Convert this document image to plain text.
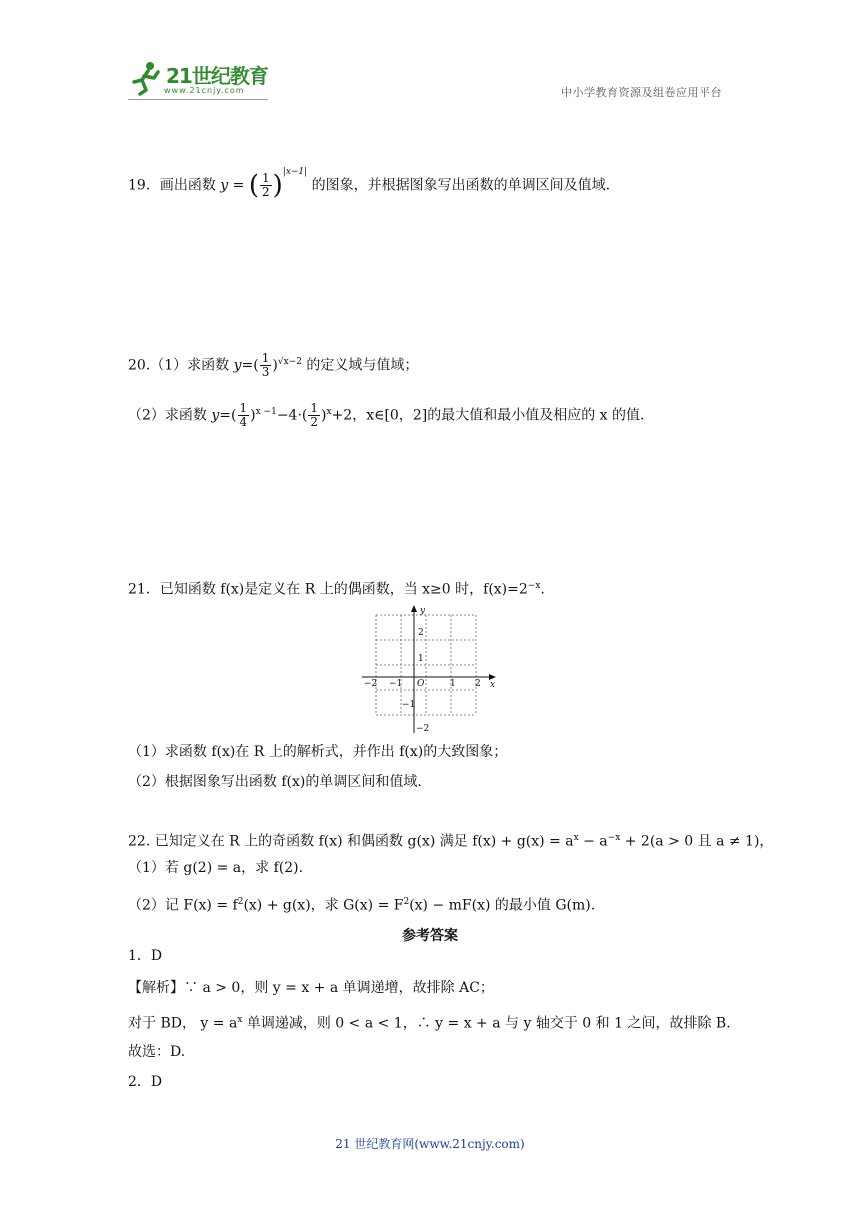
21世纪教育
www.21cnjy.com	中小学教育资源及组卷应用平台
19．画出函数 y = ( $\frac{1}{2} )^{|x-1|}$ 的图象，并根据图象写出函数的单调区间及值域.
20.（1）求函数 $y=( \frac{1}{3} )^{√x-2}$ 的定义域与值域；
（2）求函数 $y=( \frac{1}{4} )^{x -1}-4\cdot( \frac{1}{2} )^x+2$，x∈[0，2]的最大值和最小值及相应的 x 的值.
21．已知函数 f(x)是定义在 R 上的偶函数，当 x≥0 时，$f(x)=2^{-x}$.
y
x
O
−2 −1	1 2
2
1
−1
−2
（1）求函数 f(x)在 R 上的解析式，并作出 f(x)的大致图象；
（2）根据图象写出函数 f(x)的单调区间和值域.
22. 已知定义在 R 上的奇函数 f(x) 和偶函数 g(x) 满足 $f(x) + g(x) = a^x - a^{-x} + 2(a > 0$ 且 a ≠ 1)，
（1）若 g(2) = a，求 f(2).
（2）记 $F(x) = f^2(x) + g(x)$，求 $G(x) = F^2(x) - mF(x)$ 的最小值 G(m).
参考答案
1．D
【解析】∵ a > 0，则 y = x + a 单调递增，故排除 AC；
对于 BD， $y = a^x$ 单调递减，则 0 < a < 1，∴ y = x + a 与 y 轴交于 0 和 1 之间，故排除 B.
故选：D.
2．D
21 世纪教育网(www.21cnjy.com)
